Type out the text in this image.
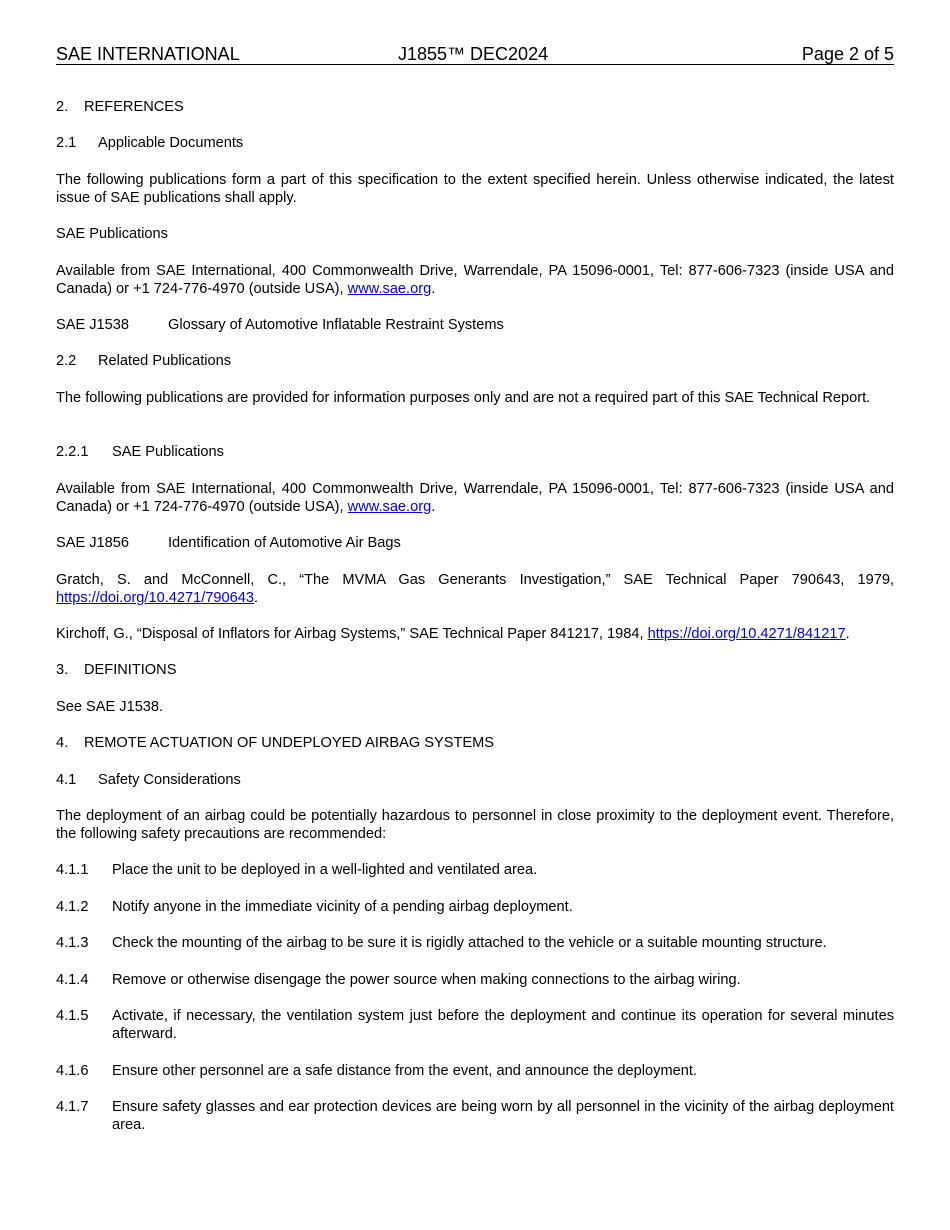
SAE INTERNATIONAL	J1855™ DEC2024	Page 2 of 5
2. REFERENCES
2.1 Applicable Documents
The following publications form a part of this specification to the extent specified herein. Unless otherwise indicated, the latest issue of SAE publications shall apply.
SAE Publications
Available from SAE International, 400 Commonwealth Drive, Warrendale, PA 15096-0001, Tel: 877-606-7323 (inside USA and Canada) or +1 724-776-4970 (outside USA), www.sae.org.
SAE J1538	Glossary of Automotive Inflatable Restraint Systems
2.2 Related Publications
The following publications are provided for information purposes only and are not a required part of this SAE Technical Report.
2.2.1 SAE Publications
Available from SAE International, 400 Commonwealth Drive, Warrendale, PA 15096-0001, Tel: 877-606-7323 (inside USA and Canada) or +1 724-776-4970 (outside USA), www.sae.org.
SAE J1856	Identification of Automotive Air Bags
Gratch, S. and McConnell, C., “The MVMA Gas Generants Investigation,” SAE Technical Paper 790643, 1979, https://doi.org/10.4271/790643.
Kirchoff, G., “Disposal of Inflators for Airbag Systems,” SAE Technical Paper 841217, 1984, https://doi.org/10.4271/841217.
3. DEFINITIONS
See SAE J1538.
4. REMOTE ACTUATION OF UNDEPLOYED AIRBAG SYSTEMS
4.1 Safety Considerations
The deployment of an airbag could be potentially hazardous to personnel in close proximity to the deployment event. Therefore, the following safety precautions are recommended:
4.1.1 Place the unit to be deployed in a well-lighted and ventilated area.
4.1.2 Notify anyone in the immediate vicinity of a pending airbag deployment.
4.1.3 Check the mounting of the airbag to be sure it is rigidly attached to the vehicle or a suitable mounting structure.
4.1.4 Remove or otherwise disengage the power source when making connections to the airbag wiring.
4.1.5 Activate, if necessary, the ventilation system just before the deployment and continue its operation for several minutes afterward.
4.1.6 Ensure other personnel are a safe distance from the event, and announce the deployment.
4.1.7 Ensure safety glasses and ear protection devices are being worn by all personnel in the vicinity of the airbag deployment area.
